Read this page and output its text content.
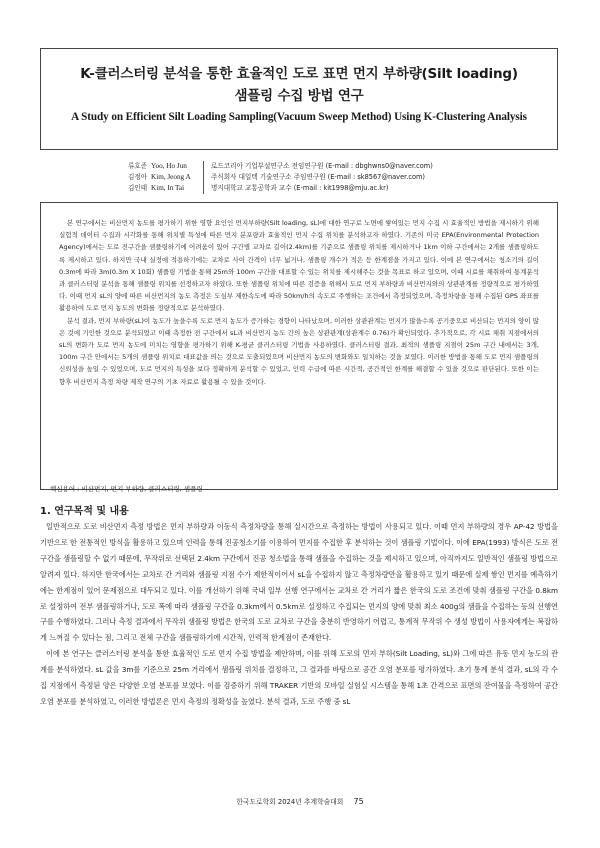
K-클러스터링 분석을 통한 효율적인 도로 표면 먼지 부하량(Silt loading)
샘플링 수집 방법 연구
A Study on Efficient Silt Loading Sampling(Vacuum Sweep Method) Using K-Clustering Analysis
류호준 Yoo, Ho Jun	로드코리아 기업부설연구소 전임연구원 (E-mail : dbghwns0@naver.com)
김정아 Kim, Jeong A	주식회사 대일텍 기술연구소 주임연구원 (E-mail : sk8567@naver.com)
김인태 Kim, In Tai	명지대학교 교통공학과 교수 (E-mail : kit1998@mju.ac.kr)

본 연구에서는 비산먼지 농도를 평가하기 위한 영향 요인인 먼지부하량(Silt loading, sL)에 대한 연구로 노면에 쌓여있는 먼지 수집 시 효율적인 방법을 제시하기 위해 실험적 데이터 수집과 시각화를 통해 위치별 특성에 따른 먼지 분포량과 효율적인 먼지 수집 위치를 분석하고자 하였다. 기존의 미국 EPA(Environmental Protection Agency)에서는 도로 전구간을 샘플링하기에 어려움이 있어 구간별 교차로 길이(2.4km)를 기준으로 샘플링 위치를 제시하거나 1km 이하 구간에서는 2개를 샘플링하도록 제시하고 있다. 하지만 국내 실정에 적용하기에는 교차로 사이 간격이 너무 넓거나, 샘플링 개수가 적은 등 한계점을 가지고 있다. 이에 본 연구에서는 청소기의 길이 0.3m에 따라 3m(0.3m X 10회) 샘플링 기법을 통해 25m와 100m 구간을 대표할 수 있는 위치를 제시해주는 것을 목표로 하고 있으며, 이때 시료를 채취하여 통계분석과 클러스터링 분석을 통해 샘플링 위치를 선정하고자 하였다. 또한 샘플링 위치에 따른 검증을 위해서 도로 먼지 부하량과 비산먼지와의 상관관계를 정량적으로 평가하였다. 이때 먼지 sL의 양에 따른 비산먼지의 농도 측정은 도심부 제한속도에 따라 50km/h의 속도로 주행하는 조건에서 측정되었으며, 측정차량을 통해 수집된 GPS 좌표를 활용하여 도로 먼지 농도의 변화를 정량적으로 분석하였다.

분석 결과, 먼지 부하량(sL)이 농도가 높을수록 도로 먼지 농도가 증가하는 경향이 나타났으며, 이러한 상관관계는 먼지가 많을수록 공기중으로 비산되는 먼지의 양이 많은 것에 기인한 것으로 분석되었고 이때 측정한 전 구간에서 sL과 비산먼지 농도 간의 높은 상관관계(상관계수 0.76)가 확인되었다. 추가적으로, 각 시료 채취 지점에서의 sL의 변화가 도로 먼지 농도에 미치는 영향을 평가하기 위해 K-평균 클러스터링 기법을 사용하였다. 클러스터링 결과, 최적의 샘플링 지점이 25m 구간 내에서는 3개, 100m 구간 안에서는 5개의 샘플링 위치로 대표값을 띄는 것으로 도출되었으며 비산먼지 농도의 변화와도 일치하는 것을 보였다. 이러한 방법을 통해 도로 먼지 샘플링의 신뢰성을 높일 수 있었으며, 도로 먼지의 특성을 보다 정확하게 분석할 수 있었고, 인력 수급에 따른 시간적, 공간적인 한계를 해결할 수 있을 것으로 판단된다. 또한 이는 향후 비산먼지 측정 차량 제작 연구의 기초 자료로 활용될 수 있을 것이다.

핵심용어 : 비산먼지, 먼지 부하량, 클러스터링, 샘플링
1. 연구목적 및 내용

일반적으로 도로 비산먼지 측정 방법은 먼지 부하량과 이동식 측정차량을 통해 실시간으로 측정하는 방법이 사용되고 있다. 이때 먼지 부하량의 경우 AP-42 방법을 기반으로 한 전통적인 방식을 활용하고 있으며 인력을 통해 진공청소기를 이용하여 먼지를 수집한 후 분석하는 것이 샘플링 기법이다. 이에 EPA(1993) 방식은 도로 전 구간을 샘플링할 수 없기 때문에, 무작위로 선택된 2.4km 구간에서 진공 청소법을 통해 샘플을 수집하는 것을 제시하고 있으며, 아직까지도 일반적인 샘플링 방법으로 알려져 있다. 하지만 한국에서는 교차로 간 거리와 샘플링 지점 수가 제한적이어서 sL을 수집하지 않고 측정차량만을 활용하고 있기 때문에 실제 쌓인 먼지를 예측하기에는 한계점이 있어 문제점으로 대두되고 있다. 이를 개선하기 위해 국내 일부 선행 연구에서는 교차로 간 거리가 짧은 한국의 도로 조건에 맞춰 샘플링 구간을 0.8km로 설정하여 전부 샘플링하거나, 도로 폭에 따라 샘플링 구간을 0.3km에서 0.5km로 설정하고 수집되는 먼지의 양에 맞춰 최소 400g의 샘플을 수집하는 등의 선행연구를 수행하였다. 그러나 측정 결과에서 무작위 샘플링 방법은 한국의 도로 교차로 구간을 충분히 반영하기 어렵고, 통계적 무작위 수 생성 방법이 사용자에게는 복잡하게 느껴질 수 있다는 점, 그리고 전체 구간을 샘플링하기에 시간적, 인력적 한계점이 존재한다.

이에 본 연구는 클러스터링 분석을 통한 효율적인 도로 먼지 수집 방법을 제안하며, 이를 위해 도로의 먼지 부하(Silt Loading, sL)와 그에 따른 유동 먼지 농도의 관계를 분석하였다. sL 값을 3m를 기준으로 25m 거리에서 샘플링 위치를 결정하고, 그 결과를 바탕으로 공간 오염 분포를 평가하였다. 초기 통계 분석 결과, sL의 각 수집 지점에서 측정된 양은 다양한 오염 분포를 보였다. 이를 검증하기 위해 TRAKER 기반의 모바일 실험실 시스템을 통해 1초 간격으로 표면의 잔여물을 측정하여 공간 오염 분포를 분석하였고, 이러한 방법론은 먼지 측정의 정확성을 높였다. 분석 결과, 도로 주행 중 sL

한국도로학회 2024년 추계학술대회 75
